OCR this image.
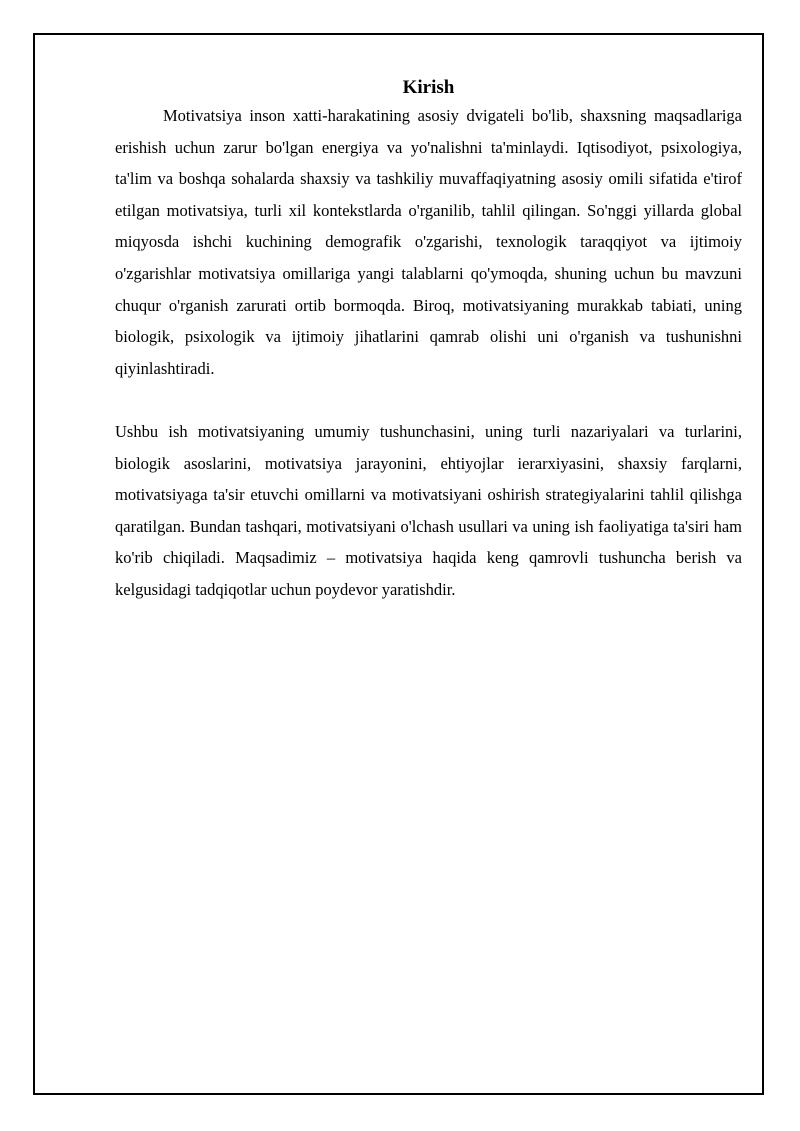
Kirish

Motivatsiya inson xatti-harakatining asosiy dvigateli bo'lib, shaxsning maqsadlariga erishish uchun zarur bo'lgan energiya va yo'nalishni ta'minlaydi. Iqtisodiyot, psixologiya, ta'lim va boshqa sohalarda shaxsiy va tashkiliy muvaffaqiyatning asosiy omili sifatida e'tirof etilgan motivatsiya, turli xil kontekstlarda o'rganilib, tahlil qilingan. So'nggi yillarda global miqyosda ishchi kuchining demografik o'zgarishi, texnologik taraqqiyot va ijtimoiy o'zgarishlar motivatsiya omillariga yangi talablarni qo'ymoqda, shuning uchun bu mavzuni chuqur o'rganish zarurati ortib bormoqda. Biroq, motivatsiyaning murakkab tabiati, uning biologik, psixologik va ijtimoiy jihatlarini qamrab olishi uni o'rganish va tushunishni qiyinlashtiradi.

Ushbu ish motivatsiyaning umumiy tushunchasini, uning turli nazariyalari va turlarini, biologik asoslarini, motivatsiya jarayonini, ehtiyojlar ierarxiyasini, shaxsiy farqlarni, motivatsiyaga ta'sir etuvchi omillarni va motivatsiyani oshirish strategiyalarini tahlil qilishga qaratilgan. Bundan tashqari, motivatsiyani o'lchash usullari va uning ish faoliyatiga ta'siri ham ko'rib chiqiladi. Maqsadimiz – motivatsiya haqida keng qamrovli tushuncha berish va kelgusidagi tadqiqotlar uchun poydevor yaratishdir.
